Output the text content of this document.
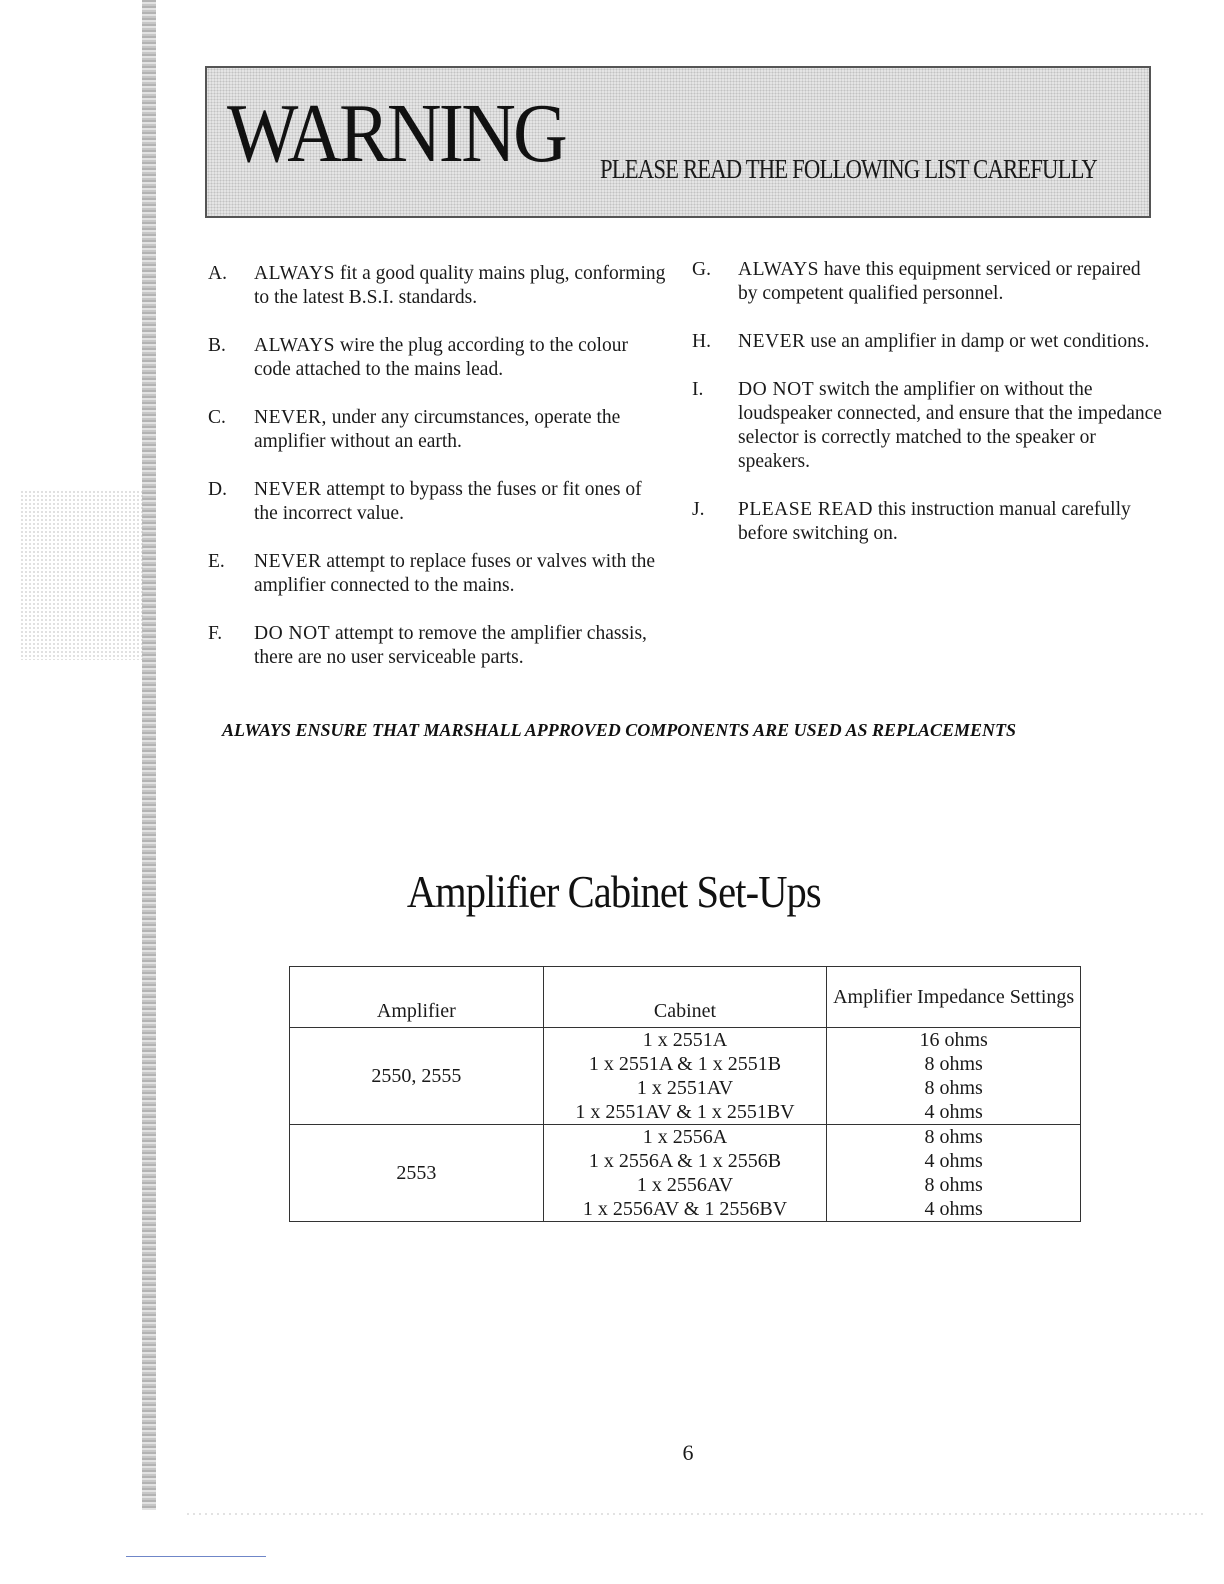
WARNING PLEASE READ THE FOLLOWING LIST CAREFULLY
A.	ALWAYS fit a good quality mains plug, conforming to the latest B.S.I. standards.
B.	ALWAYS wire the plug according to the colour code attached to the mains lead.
C.	NEVER, under any circumstances, operate the amplifier without an earth.
D.	NEVER attempt to bypass the fuses or fit ones of the incorrect value.
E.	NEVER attempt to replace fuses or valves with the amplifier connected to the mains.
F.	DO NOT attempt to remove the amplifier chassis, there are no user serviceable parts.
G.	ALWAYS have this equipment serviced or repaired by competent qualified personnel.
H.	NEVER use an amplifier in damp or wet conditions.
I.	DO NOT switch the amplifier on without the loudspeaker connected, and ensure that the impedance selector is correctly matched to the speaker or speakers.
J.	PLEASE READ this instruction manual carefully before switching on.
ALWAYS ENSURE THAT MARSHALL APPROVED COMPONENTS ARE USED AS REPLACEMENTS
Amplifier Cabinet Set-Ups
Amplifier	Cabinet	Amplifier Impedance Settings
2550, 2555	1 x 2551A	16 ohms
	1 x 2551A & 1 x 2551B	8 ohms
	1 x 2551AV	8 ohms
	1 x 2551AV & 1 x 2551BV	4 ohms
2553	1 x 2556A	8 ohms
	1 x 2556A & 1 x 2556B	4 ohms
	1 x 2556AV	8 ohms
	1 x 2556AV & 1 2556BV	4 ohms
6
